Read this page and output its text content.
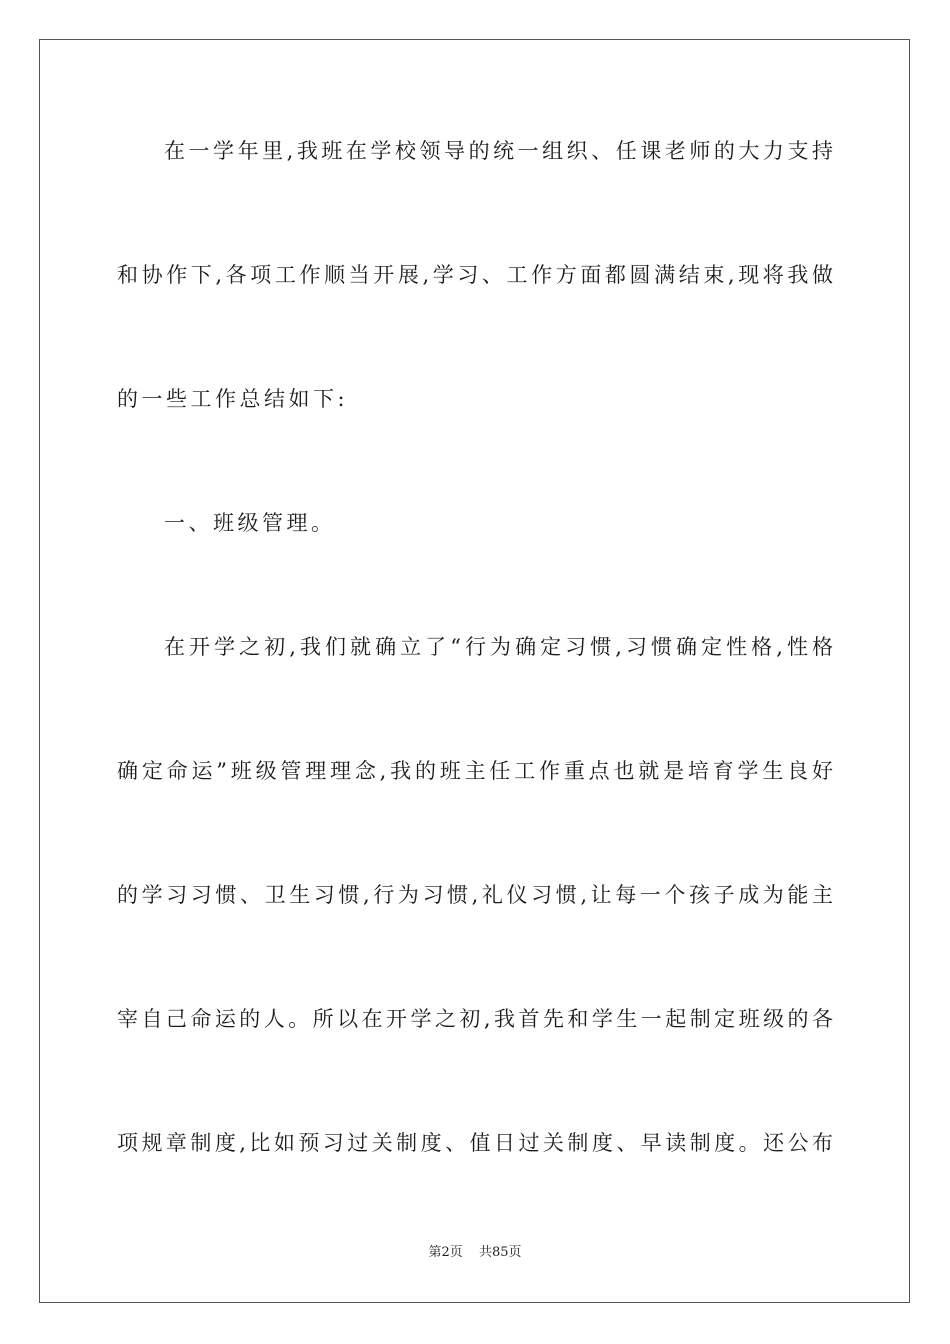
在一学年里,我班在学校领导的统一组织、任课老师的大力支持
和协作下,各项工作顺当开展,学习、工作方面都圆满结束,现将我做
的一些工作总结如下:
一、班级管理。
在开学之初,我们就确立了“行为确定习惯,习惯确定性格,性格
确定命运”班级管理理念,我的班主任工作重点也就是培育学生良好
的学习习惯、卫生习惯,行为习惯,礼仪习惯,让每一个孩子成为能主
宰自己命运的人。所以在开学之初,我首先和学生一起制定班级的各
项规章制度,比如预习过关制度、值日过关制度、早读制度。还公布
第2页 共85页
